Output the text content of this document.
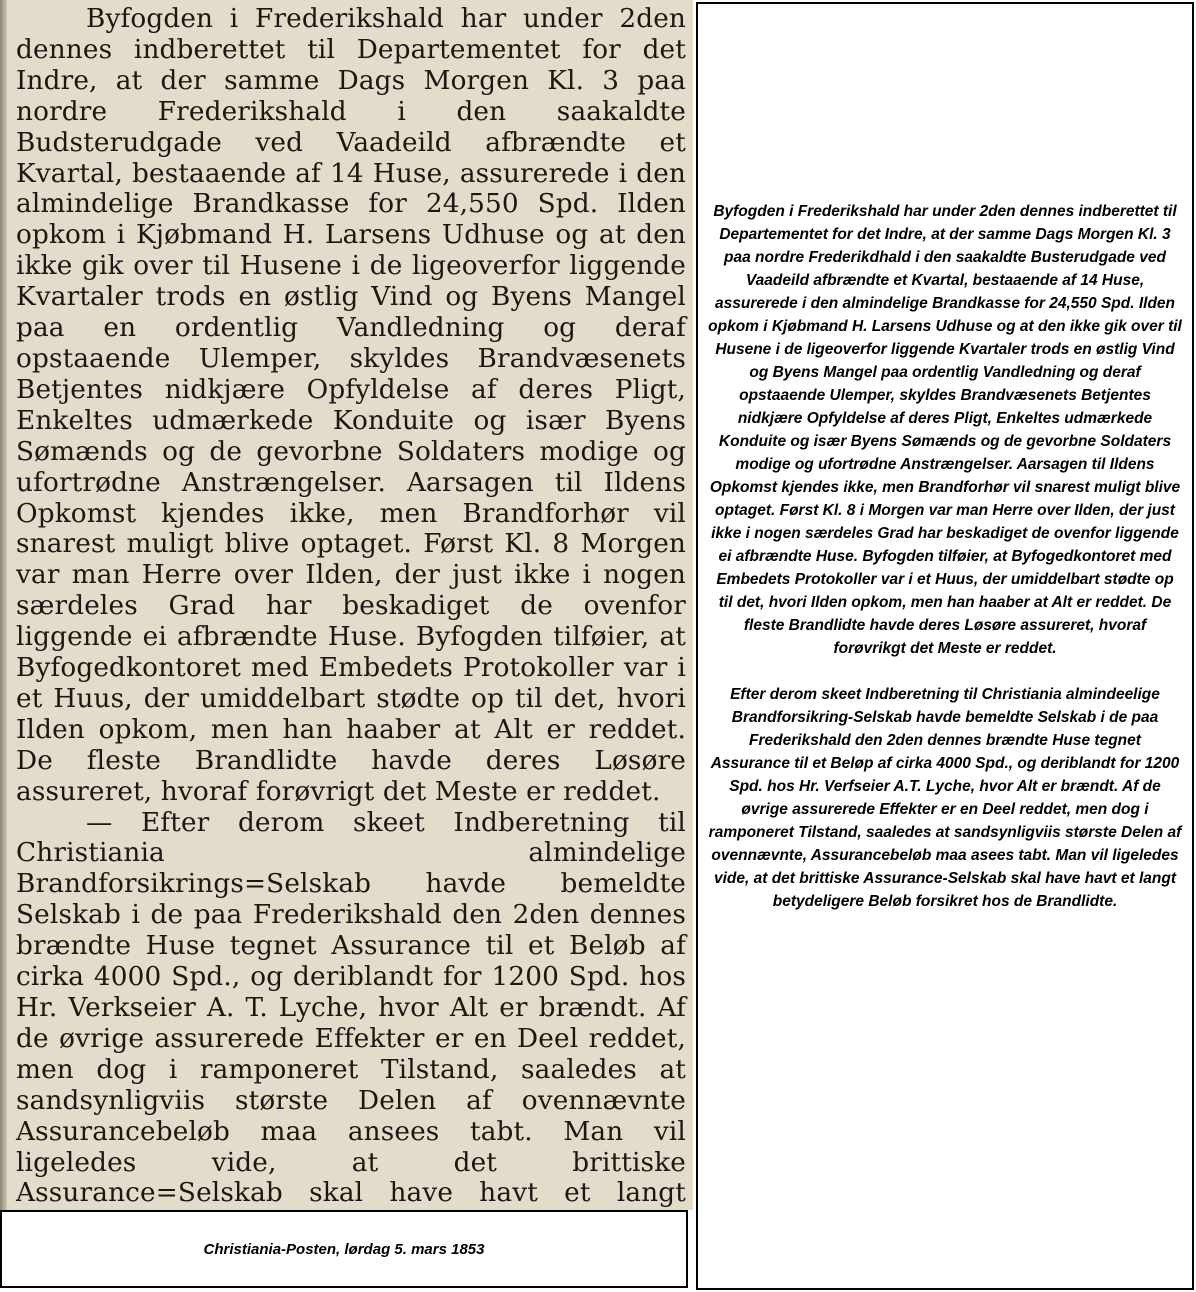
Byfogden i Frederikshald har under 2den dennes indberettet til Departementet for det Indre, at der samme Dags Morgen Kl. 3 paa nordre Frederikshald i den saakaldte Budsterudgade ved Vaadeild afbrændte et Kvartal, bestaaende af 14 Huse, assurerede i den almindelige Brandkasse for 24,550 Spd. Ilden opkom i Kjøbmand H. Larsens Udhuse og at den ikke gik over til Husene i de ligeoverfor liggende Kvartaler trods en østlig Vind og Byens Mangel paa en ordentlig Vandledning og deraf opstaaende Ulemper, skyldes Brandvæsenets Betjentes nidkjære Opfyldelse af deres Pligt, Enkeltes udmærkede Konduite og især Byens Sømænds og de gevorbne Soldaters modige og ufortrødne Anstrængelser. Aarsagen til Ildens Opkomst kjendes ikke, men Brandforhør vil snarest muligt blive optaget. Først Kl. 8 Morgen var man Herre over Ilden, der just ikke i nogen særdeles Grad har beskadiget de ovenfor liggende ei afbrændte Huse. Byfogden tilføier, at Byfogedkontoret med Embedets Protokoller var i et Huus, der umiddelbart stødte op til det, hvori Ilden opkom, men han haaber at Alt er reddet. De fleste Brandlidte havde deres Løsøre assureret, hvoraf forøvrigt det Meste er reddet.

— Efter derom skeet Indberetning til Christiania almindelige Brandforsikrings=Selskab havde bemeldte Selskab i de paa Frederikshald den 2den dennes brændte Huse tegnet Assurance til et Beløb af cirka 4000 Spd., og deriblandt for 1200 Spd. hos Hr. Verkseier A. T. Lyche, hvor Alt er brændt. Af de øvrige assurerede Effekter er en Deel reddet, men dog i ramponeret Tilstand, saaledes at sandsynligviis største Delen af ovennævnte Assurancebeløb maa ansees tabt. Man vil ligeledes vide, at det brittiske Assurance=Selskab skal have havt et langt

Christiania-Posten, lørdag 5. mars 1853

Byfogden i Frederikshald har under 2den dennes indberettet til Departementet for det Indre, at der samme Dags Morgen Kl. 3 paa nordre Frederikdhald i den saakaldte Busterudgade ved Vaadeild afbrændte et Kvartal, bestaaende af 14 Huse, assurerede i den almindelige Brandkasse for 24,550 Spd. Ilden opkom i Kjøbmand H. Larsens Udhuse og at den ikke gik over til Husene i de ligeoverfor liggende Kvartaler trods en østlig Vind og Byens Mangel paa ordentlig Vandledning og deraf opstaaende Ulemper, skyldes Brandvæsenets Betjentes nidkjære Opfyldelse af deres Pligt, Enkeltes udmærkede Konduite og især Byens Sømænds og de gevorbne Soldaters modige og ufortrødne Anstrængelser. Aarsagen til Ildens Opkomst kjendes ikke, men Brandforhør vil snarest muligt blive optaget. Først Kl. 8 i Morgen var man Herre over Ilden, der just ikke i nogen særdeles Grad har beskadiget de ovenfor liggende ei afbrændte Huse. Byfogden tilføier, at Byfogedkontoret med Embedets Protokoller var i et Huus, der umiddelbart stødte op til det, hvori Ilden opkom, men han haaber at Alt er reddet. De fleste Brandlidte havde deres Løsøre assureret, hvoraf forøvrikgt det Meste er reddet.

Efter derom skeet Indberetning til Christiania almindeelige Brandforsikring-Selskab havde bemeldte Selskab i de paa Frederikshald den 2den dennes brændte Huse tegnet Assurance til et Beløp af cirka 4000 Spd., og deriblandt for 1200 Spd. hos Hr. Verfseier A.T. Lyche, hvor Alt er brændt. Af de øvrige assurerede Effekter er en Deel reddet, men dog i ramponeret Tilstand, saaledes at sandsynligviis største Delen af ovennævnte, Assurancebeløb maa asees tabt. Man vil ligeledes vide, at det brittiske Assurance-Selskab skal have havt et langt betydeligere Beløb forsikret hos de Brandlidte.
